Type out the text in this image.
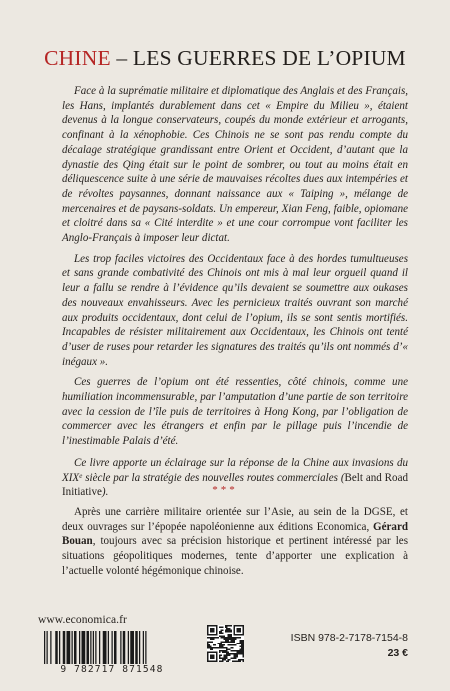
CHINE – LES GUERRES DE L’OPIUM

Face à la suprématie militaire et diplomatique des Anglais et des Français, les Hans, implantés durablement dans cet « Empire du Milieu », étaient devenus à la longue conservateurs, coupés du monde extérieur et arrogants, confinant à la xénophobie. Ces Chinois ne se sont pas rendu compte du décalage stratégique grandissant entre Orient et Occident, d’autant que la dynastie des Qing était sur le point de sombrer, ou tout au moins était en déliquescence suite à une série de mauvaises récoltes dues aux intempéries et de révoltes paysannes, donnant naissance aux « Taiping », mélange de mercenaires et de paysans-soldats. Un empereur, Xian Feng, faible, opiomane et cloitré dans sa « Cité interdite » et une cour corrompue vont faciliter les Anglo-Français à imposer leur dictat.

Les trop faciles victoires des Occidentaux face à des hordes tumultueuses et sans grande combativité des Chinois ont mis à mal leur orgueil quand il leur a fallu se rendre à l’évidence qu’ils devaient se soumettre aux oukases des nouveaux envahisseurs. Avec les pernicieux traités ouvrant son marché aux produits occidentaux, dont celui de l’opium, ils se sont sentis mortifiés. Incapables de résister militairement aux Occidentaux, les Chinois ont tenté d’user de ruses pour retarder les signatures des traités qu’ils ont nommés d’« inégaux ».

Ces guerres de l’opium ont été ressenties, côté chinois, comme une humiliation incommensurable, par l’amputation d’une partie de son territoire avec la cession de l’île puis de territoires à Hong Kong, par l’obligation de commercer avec les étrangers et enfin par le pillage puis l’incendie de l’inestimable Palais d’été.

Ce livre apporte un éclairage sur la réponse de la Chine aux invasions du XIXe siècle par la stratégie des nouvelles routes commerciales (Belt and Road Initiative).	***

Après une carrière militaire orientée sur l’Asie, au sein de la DGSE, et deux ouvrages sur l’épopée napoléonienne aux éditions Economica, Gérard Bouan, toujours avec sa précision historique et pertinent intéressé par les situations géopolitiques modernes, tente d’apporter une explication à l’actuelle volonté hégémonique chinoise.

www.economica.fr
9 782717 871548
ISBN 978-2-7178-7154-8
23 €
